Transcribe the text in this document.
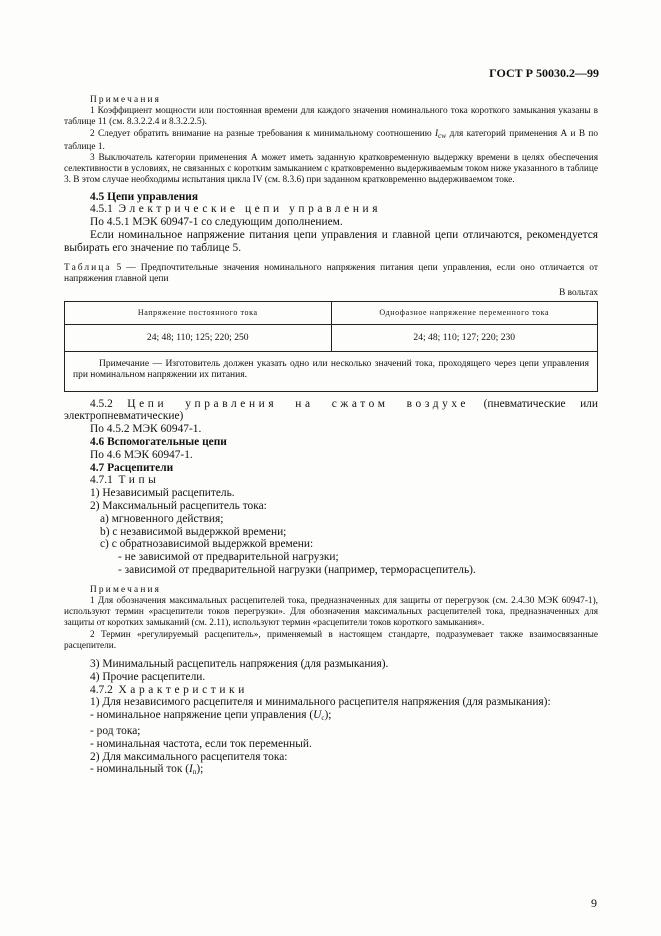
ГОСТ Р 50030.2—99

Примечания

1 Коэффициент мощности или постоянная времени для каждого значения номинального тока короткого замыкания указаны в таблице 11 (см. 8.3.2.2.4 и 8.3.2.2.5).

2 Следует обратить внимание на разные требования к минимальному соотношению $I_{cw}$ для категорий применения А и В по таблице 1.

3 Выключатель категории применения А может иметь заданную кратковременную выдержку времени в целях обеспечения селективности в условиях, не связанных с коротким замыканием с кратковременно выдерживаемым током ниже указанного в таблице 3. В этом случае необходимы испытания цикла IV (см. 8.3.6) при заданном кратковременно выдерживаемом токе.

4.5 Цепи управления

4.5.1 Электрические цепи управления

По 4.5.1 МЭК 60947-1 со следующим дополнением.

Если номинальное напряжение питания цепи управления и главной цепи отличаются, рекомендуется выбирать его значение по таблице 5.

Таблица 5 — Предпочтительные значения номинального напряжения питания цепи управления, если оно отличается от напряжения главной цепи
В вольтах
Напряжение постоянного тока	Однофазное напряжение переменного тока
24; 48; 110; 125; 220; 250	24; 48; 110; 127; 220; 230

Примечание — Изготовитель должен указать одно или несколько значений тока, проходящего через цепи управления при номинальном напряжении их питания.	

4.5.2 Цепи управления на сжатом воздухе (пневматические или электропневматические)

По 4.5.2 МЭК 60947-1.

4.6 Вспомогательные цепи

По 4.6 МЭК 60947-1.

4.7 Расцепители

4.7.1 Типы

1) Независимый расцепитель.

2) Максимальный расцепитель тока:

a) мгновенного действия;

b) с независимой выдержкой времени;

c) с обратнозависимой выдержкой времени:

- не зависимой от предварительной нагрузки;

- зависимой от предварительной нагрузки (например, терморасцепитель).

Примечания

1 Для обозначения максимальных расцепителей тока, предназначенных для защиты от перегрузок (см. 2.4.30 МЭК 60947-1), используют термин «расцепители токов перегрузки». Для обозначения максимальных расцепителей тока, предназначенных для защиты от коротких замыканий (см. 2.11), используют термин «расцепители токов короткого замыкания».

2 Термин «регулируемый расцепитель», применяемый в настоящем стандарте, подразумевает также взаимосвязанные расцепители.

3) Минимальный расцепитель напряжения (для размыкания).

4) Прочие расцепители.

4.7.2 Характеристики

1) Для независимого расцепителя и минимального расцепителя напряжения (для размыкания):

- номинальное напряжение цепи управления (Uc);

- род тока;

- номинальная частота, если ток переменный.

2) Для максимального расцепителя тока:

- номинальный ток (In);

9
